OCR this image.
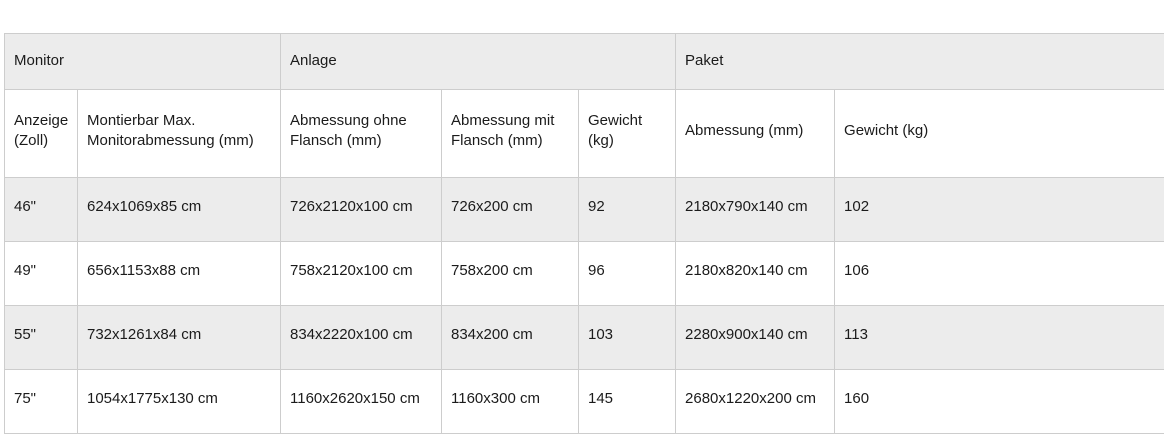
Monitor		Anlage			Paket	
Anzeige (Zoll)	Montierbar Max. Monitorabmessung (mm)	Abmessung ohne Flansch (mm)	Abmessung mit Flansch (mm)	Gewicht (kg)	Abmessung (mm)	Gewicht (kg)
46"	624x1069x85 cm	726x2120x100 cm	726x200 cm	92	2180x790x140 cm	102
49"	656x1153x88 cm	758x2120x100 cm	758x200 cm	96	2180x820x140 cm	106
55"	732x1261x84 cm	834x2220x100 cm	834x200 cm	103	2280x900x140 cm	113
75"	1054x1775x130 cm	1160x2620x150 cm	1160x300 cm	145	2680x1220x200 cm	160
